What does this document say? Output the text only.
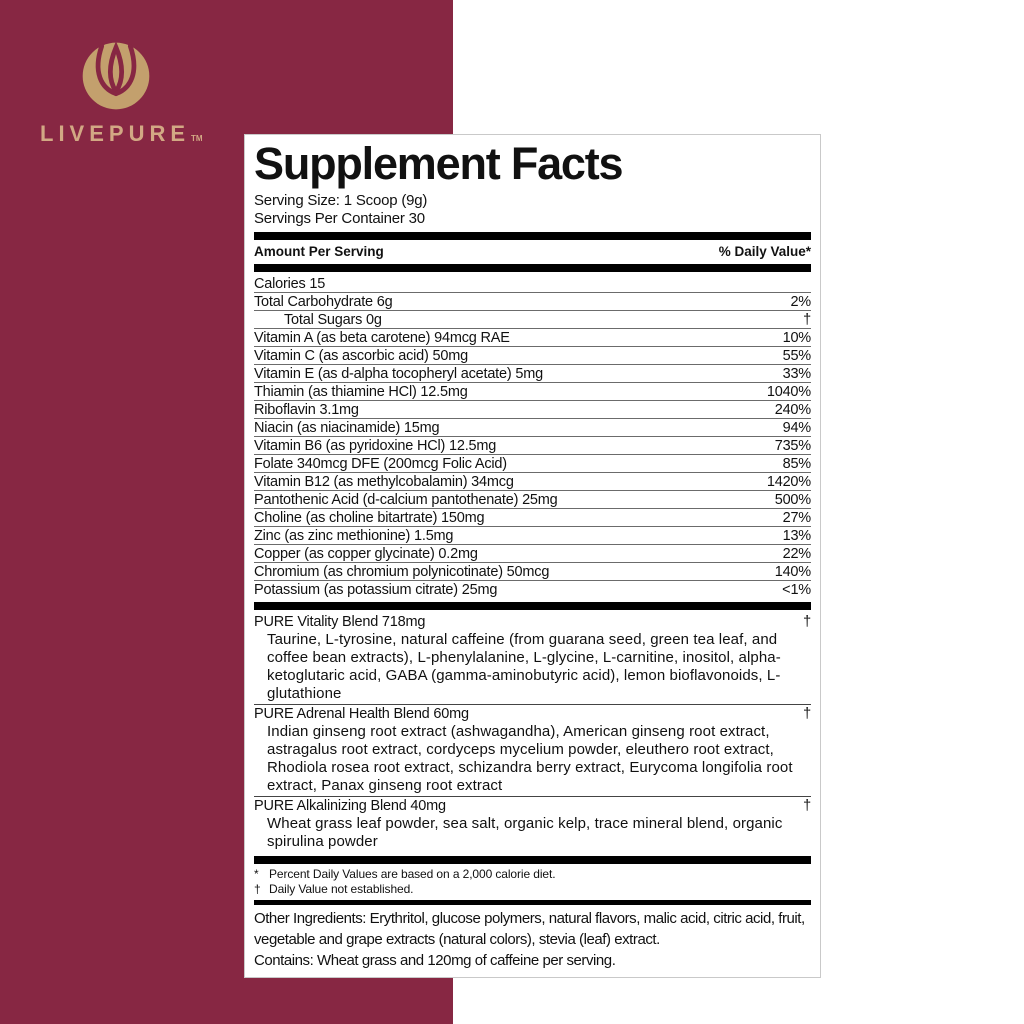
LIVEPURETM Supplement Facts
Serving Size: 1 Scoop (9g)
Servings Per Container 30
Amount Per Serving	% Daily Value*
Calories 15
Total Carbohydrate 6g	2%
Total Sugars 0g	†
Vitamin A (as beta carotene) 94mcg RAE	10%
Vitamin C (as ascorbic acid) 50mg	55%
Vitamin E (as d-alpha tocopheryl acetate) 5mg	33%
Thiamin (as thiamine HCl) 12.5mg	1040%
Riboflavin 3.1mg	240%
Niacin (as niacinamide) 15mg	94%
Vitamin B6 (as pyridoxine HCl) 12.5mg	735%
Folate 340mcg DFE (200mcg Folic Acid)	85%
Vitamin B12 (as methylcobalamin) 34mcg	1420%
Pantothenic Acid (d-calcium pantothenate) 25mg	500%
Choline (as choline bitartrate) 150mg	27%
Zinc (as zinc methionine) 1.5mg	13%
Copper (as copper glycinate) 0.2mg	22%
Chromium (as chromium polynicotinate) 50mcg	140%
Potassium (as potassium citrate) 25mg	<1%
PURE Vitality Blend 718mg	†

Taurine, L-tyrosine, natural caffeine (from guarana seed, green tea leaf, and coffee bean extracts), L-phenylalanine, L-glycine, L-carnitine, inositol, alpha-ketoglutaric acid, GABA (gamma-aminobutyric acid), lemon bioflavonoids, L-glutathione

PURE Adrenal Health Blend 60mg	†

Indian ginseng root extract (ashwagandha), American ginseng root extract, astragalus root extract, cordyceps mycelium powder, eleuthero root extract, Rhodiola rosea root extract, schizandra berry extract, Eurycoma longifolia root extract, Panax ginseng root extract

PURE Alkalinizing Blend 40mg	†

Wheat grass leaf powder, sea salt, organic kelp, trace mineral blend, organic spirulina powder

* Percent Daily Values are based on a 2,000 calorie diet.
† Daily Value not established.

Other Ingredients: Erythritol, glucose polymers, natural flavors, malic acid, citric acid, fruit, vegetable and grape extracts (natural colors), stevia (leaf) extract.

Contains: Wheat grass and 120mg of caffeine per serving.
